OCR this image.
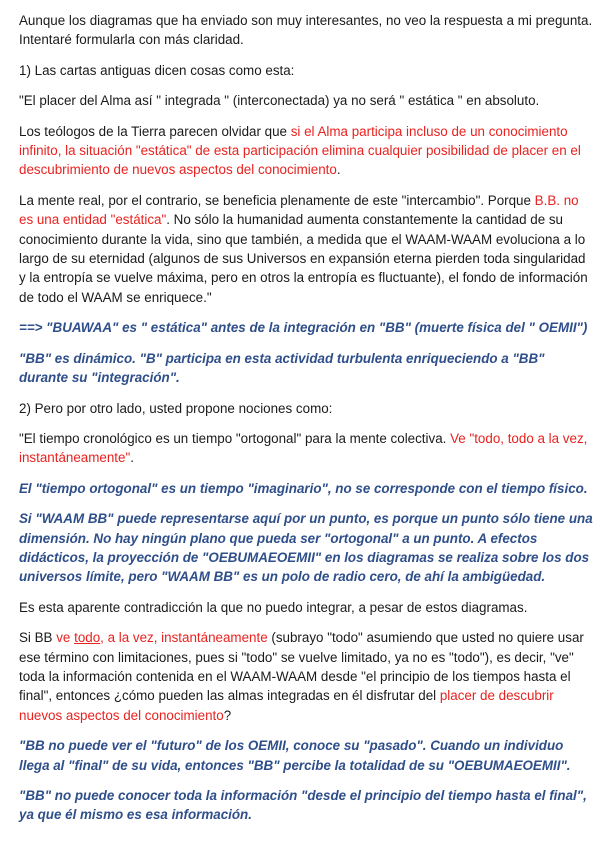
Aunque los diagramas que ha enviado son muy interesantes, no veo la respuesta a mi pregunta. Intentaré formularla con más claridad.

1) Las cartas antiguas dicen cosas como esta:

"El placer del Alma así " integrada " (interconectada) ya no será " estática " en absoluto.

Los teólogos de la Tierra parecen olvidar que si el Alma participa incluso de un conocimiento infinito, la situación "estática" de esta participación elimina cualquier posibilidad de placer en el descubrimiento de nuevos aspectos del conocimiento.

La mente real, por el contrario, se beneficia plenamente de este "intercambio". Porque B.B. no es una entidad "estática". No sólo la humanidad aumenta constantemente la cantidad de su conocimiento durante la vida, sino que también, a medida que el WAAM-WAAM evoluciona a lo largo de su eternidad (algunos de sus Universos en expansión eterna pierden toda singularidad y la entropía se vuelve máxima, pero en otros la entropía es fluctuante), el fondo de información de todo el WAAM se enriquece."

==> "BUAWAA" es " estática" antes de la integración en "BB" (muerte física del " OEMII")

"BB" es dinámico. "B" participa en esta actividad turbulenta enriqueciendo a "BB" durante su "integración".

2) Pero por otro lado, usted propone nociones como:

"El tiempo cronológico es un tiempo "ortogonal" para la mente colectiva. Ve "todo, todo a la vez, instantáneamente".

El "tiempo ortogonal" es un tiempo "imaginario", no se corresponde con el tiempo físico.

Si "WAAM BB" puede representarse aquí por un punto, es porque un punto sólo tiene una dimensión. No hay ningún plano que pueda ser "ortogonal" a un punto. A efectos didácticos, la proyección de "OEBUMAEOEMII" en los diagramas se realiza sobre los dos universos límite, pero "WAAM BB" es un polo de radio cero, de ahí la ambigüedad.

Es esta aparente contradicción la que no puedo integrar, a pesar de estos diagramas.

Si BB ve todo, a la vez, instantáneamente (subrayo "todo" asumiendo que usted no quiere usar ese término con limitaciones, pues si "todo" se vuelve limitado, ya no es "todo"), es decir, "ve" toda la información contenida en el WAAM-WAAM desde "el principio de los tiempos hasta el final", entonces ¿cómo pueden las almas integradas en él disfrutar del placer de descubrir nuevos aspectos del conocimiento?

"BB no puede ver el "futuro" de los OEMII, conoce su "pasado". Cuando un individuo llega al "final" de su vida, entonces "BB" percibe la totalidad de su "OEBUMAEOEMII".

"BB" no puede conocer toda la información "desde el principio del tiempo hasta el final", ya que él mismo es esa información.
